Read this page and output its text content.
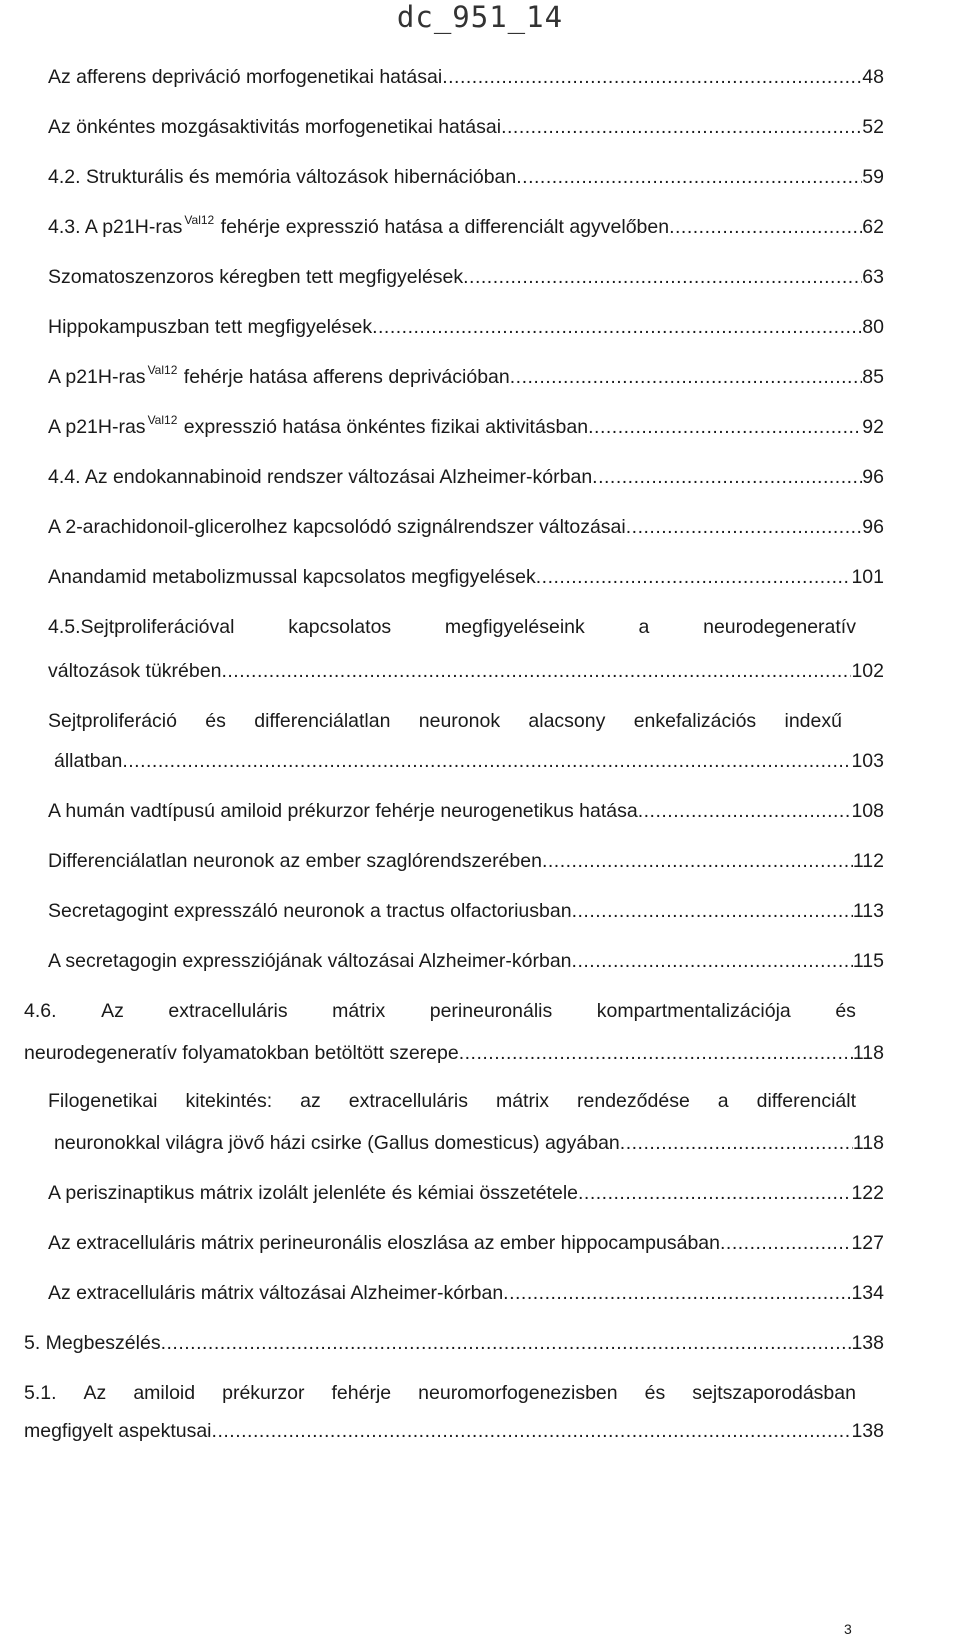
dc_951_14
Az afferens depriváció morfogenetikai hatásai .....	48
Az önkéntes mozgásaktivitás morfogenetikai hatásai .....	52
4.2. Strukturális és memória változások hibernációban .....	59
4.3. A p21H-ras $^{Val12}$ fehérje expresszió hatása a differenciált agyvelőben .....	62
Szomatoszenzoros kéregben tett megfigyelések .....	63
Hippokampuszban tett megfigyelések .....	80
A p21H-ras $^{Val12}$ fehérje hatása afferens deprivációban .....	85
A p21H-ras $^{Val12}$ expresszió hatása önkéntes fizikai aktivitásban .....	92
4.4. Az endokannabinoid rendszer változásai Alzheimer-kórban .....	96
A 2-arachidonoil-glicerolhez kapcsolódó szignálrendszer változásai .....	96
Anandamid metabolizmussal kapcsolatos megfigyelések .....	101
4.5.Sejtproliferációval	kapcsolatos	megfigyeléseink	a	neurodegeneratív
változások tükrében .....	102
Sejtproliferáció és differenciálatlan neuronok alacsony enkefalizációs indexű
állatban .....	103
A humán vadtípusú amiloid prékurzor fehérje neurogenetikus hatása .....	108
Differenciálatlan neuronok az ember szaglórendszerében .....	112
Secretagogint expresszáló neuronok a tractus olfactoriusban .....	113
A secretagogin expressziójának változásai Alzheimer-kórban .....	115
4.6. Az extracelluláris mátrix perineuronális kompartmentalizációja és
neurodegeneratív folyamatokban betöltött szerepe .....	118
Filogenetikai kitekintés: az extracelluláris mátrix rendeződése a differenciált
neuronokkal világra jövő házi csirke (Gallus domesticus) agyában .....	118
A periszinaptikus mátrix izolált jelenléte és kémiai összetétele .....	122
Az extracelluláris mátrix perineuronális eloszlása az ember hippocampusában .....	127
Az extracelluláris mátrix változásai Alzheimer-kórban .....	134
5. Megbeszélés .....	138
5.1. Az amiloid prékurzor fehérje neuromorfogenezisben és sejtszaporodásban
megfigyelt aspektusai .....	138
3
